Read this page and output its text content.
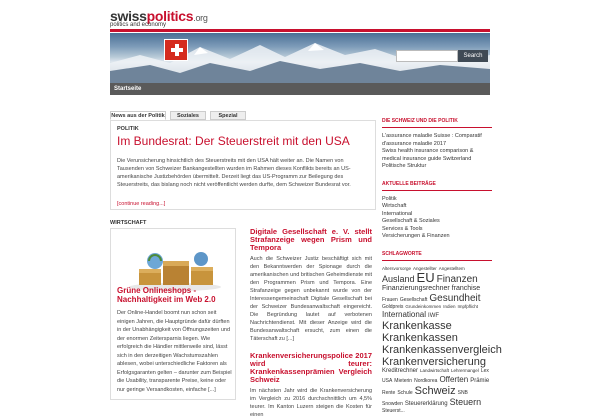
swisspolitics.org
politics and economy
Search
Startseite
News aus der Politik	Soziales	Spezial
POLITIK
Im Bundesrat: Der Steuerstreit mit den USA
Die Verunsicherung hinsichtlich des Steuerstreits mit den USA hält weiter an. Die Namen von Tausenden von Schweizer Bankangestellten wurden im Rahmen dieses Konflikts bereits an US-amerikanische Justizbehörden übermittelt. Derzeit liegt das US-Programm zur Beilegung des Steuerstreits, das bislang noch nicht veröffentlicht werden durfte, dem Schweizer Bundesrat vor.
[continue reading...]
WIRTSCHAFT
Grüne Onlineshops - Nachhaltigkeit im Web 2.0
Der Online-Handel boomt nun schon seit einigen Jahren, die Hauptgründe dafür dürften in der Unabhängigkeit von Öffnungszeiten und der enormen Zeitersparnis liegen. Wie erfolgreich die Händler mittlerweile sind, lässt sich in den derzeitigen Wachstumszahlen ablesen, wobei unterschiedliche Faktoren als Erfolgsgaranten gelten – darunter zum Beispiel die Usability, transparente Preise, keine oder nur geringe Versandkosten, einfache [...]
Digitale Gesellschaft e. V. stellt Strafanzeige wegen Prism und Tempora
Auch die Schweizer Justiz beschäftigt sich mit den Bekanntwerden der Spionage durch die amerikanischen und britischen Geheimdienste mit den Programmen Prism und Tempora. Eine Strafanzeige gegen unbekannt wurde von der Interessengemeinschaft Digitale Gesellschaft bei der Schweizer Bundesanwaltschaft eingereicht. Die Begründung lautet auf verbotenen Nachrichtendienst. Mit dieser Anzeige wird die Bundesanwaltschaft ersucht, zum einen die Täterschaft zu [...]
Krankenversicherungspolice 2017 wird teurer: Krankenkassenprämien Vergleich Schweiz
Im nächsten Jahr wird die Krankenversicherung im Vergleich zu 2016 durchschnittlich um 4,5% teurer. Im Kanton Luzern steigen die Kosten für einen
DIE SCHWEIZ UND DIE POLITIK
L'assurance maladie Suisse : Comparatif d'assurance maladie 2017
Swiss health insurance comparison & medical insurance guide Switzerland
Politische Struktur
AKTUELLE BEITRÄGE
Politik
Wirtschaft
International
Gesellschaft & Soziales
Services & Tools
Versicherungen & Finanzen
SCHLAGWORTE
Altersvorsorge Angestellter AngestelltemAusland EU FinanzenFinanzierungsrechner franchiseFrauen Gesellschaft GesundheitGoldpreis Grundeinkommen Indien ImpfpflichtInternational IWFKrankenkasseKrankenkassenKrankenkassenvergleichKrankenversicherungKreditrechner Landwirtschaft Lehrermangel LexUSA Mieterin Nordkorea Offerten PrämieRente Schule Schweiz SNBSnowden Steuererklärung SteuernSteuerst...
